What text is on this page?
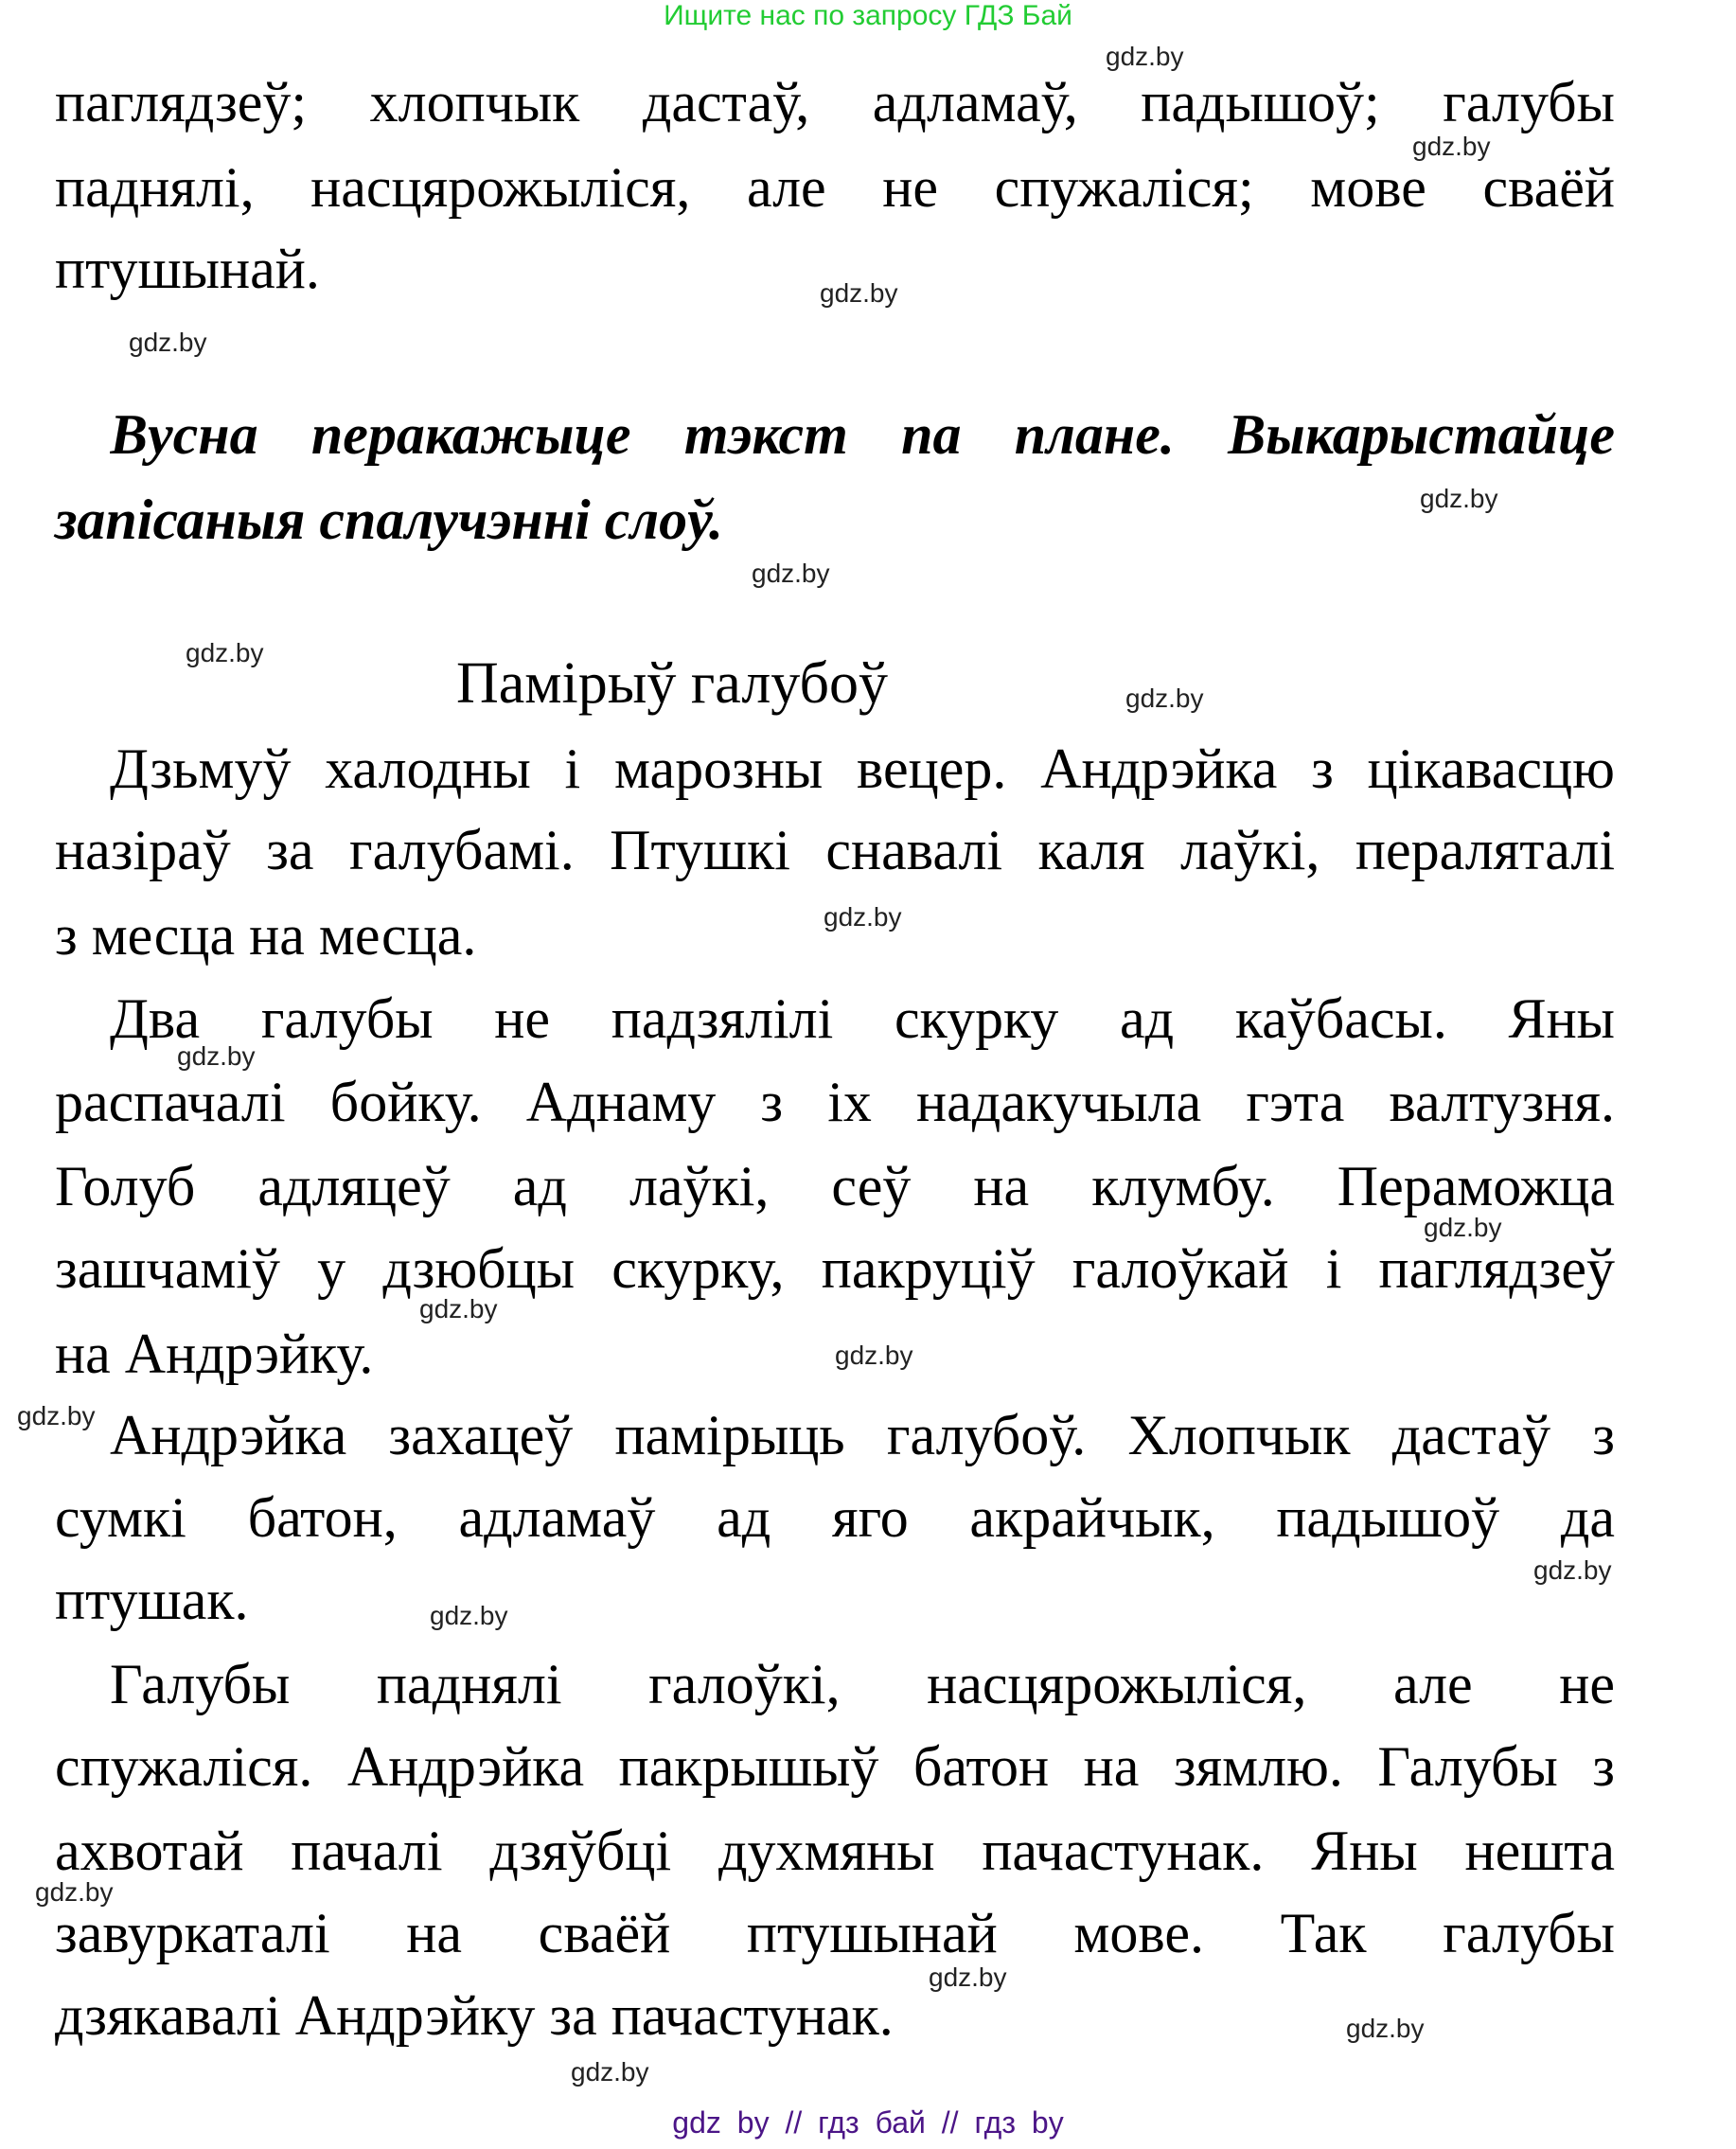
Ищите нас по запросу ГДЗ Бай
паглядзеў; хлопчык дастаў, адламаў, падышоў; галубы
паднялі, насцярожыліся, але не спужаліся; мове сваёй
птушынай.
Вусна перакажыце тэкст па плане. Выкарыстайце
запісаныя спалучэнні слоў.
Памірыў галубоў
Дзьмуў халодны і марозны вецер. Андрэйка з цікавасцю
назіраў за галубамі. Птушкі снавалі каля лаўкі, пераляталі
з месца на месца.
Два галубы не падзялілі скурку ад каўбасы. Яны
распачалі бойку. Аднаму з іх надакучыла гэта валтузня.
Голуб адляцеў ад лаўкі, сеў на клумбу. Пераможца
зашчаміў у дзюбцы скурку, пакруціў галоўкай і паглядзеў
на Андрэйку.
Андрэйка захацеў памірыць галубоў. Хлопчык дастаў з
сумкі батон, адламаў ад яго акрайчык, падышоў да
птушак.
Галубы паднялі галоўкі, насцярожыліся, але не
спужаліся. Андрэйка пакрышыў батон на зямлю. Галубы з
ахвотай пачалі дзяўбці духмяны пачастунак. Яны нешта
завуркаталі на сваёй птушынай мове. Так галубы
дзякавалі Андрэйку за пачастунак.
gdz.by
gdz.by
gdz.by
gdz.by
gdz.by
gdz.by
gdz.by
gdz.by
gdz.by
gdz.by
gdz.by
gdz.by
gdz.by
gdz.by
gdz.by
gdz.by
gdz.by
gdz.by
gdz.by
gdz.by
gdz by // гдз бай // гдз by
